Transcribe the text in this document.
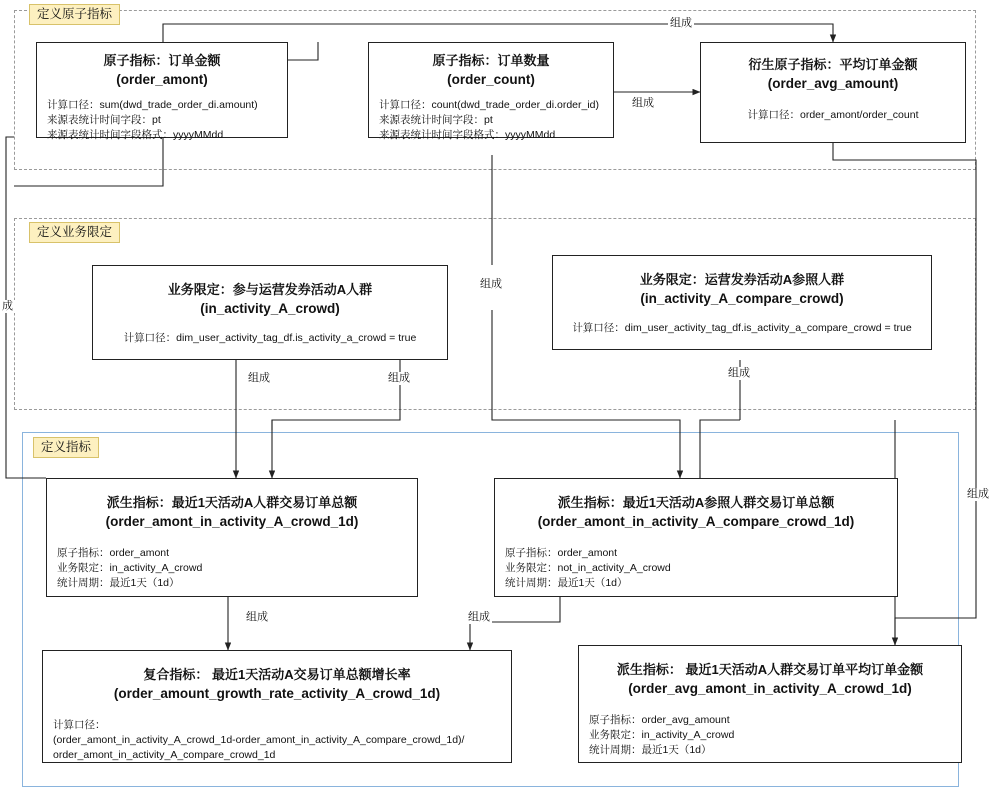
定义原子指标
定义业务限定
定义指标
原子指标：订单金额
(order_amont)
计算口径：sum(dwd_trade_order_di.amount)
来源表统计时间字段：pt
来源表统计时间字段格式：yyyyMMdd
原子指标：订单数量
(order_count)
计算口径：count(dwd_trade_order_di.order_id)
来源表统计时间字段：pt
来源表统计时间字段格式：yyyyMMdd
衍生原子指标：平均订单金额
(order_avg_amount)
计算口径：order_amont/order_count
业务限定：参与运营发券活动A人群
(in_activity_A_crowd)
计算口径：dim_user_activity_tag_df.is_activity_a_crowd = true
业务限定：运营发券活动A参照人群
(in_activity_A_compare_crowd)
计算口径：dim_user_activity_tag_df.is_activity_a_compare_crowd = true
派生指标：最近1天活动A人群交易订单总额
(order_amont_in_activity_A_crowd_1d)
原子指标：order_amont
业务限定：in_activity_A_crowd
统计周期：最近1天（1d）
派生指标：最近1天活动A参照人群交易订单总额
(order_amont_in_activity_A_compare_crowd_1d)
原子指标：order_amont
业务限定：not_in_activity_A_crowd
统计周期：最近1天（1d）
复合指标： 最近1天活动A交易订单总额增长率
(order_amount_growth_rate_activity_A_crowd_1d)
计算口径：
(order_amont_in_activity_A_crowd_1d-order_amont_in_activity_A_compare_crowd_1d)/
order_amont_in_activity_A_compare_crowd_1d
派生指标： 最近1天活动A人群交易订单平均订单金额
(order_avg_amont_in_activity_A_crowd_1d)
原子指标：order_avg_amount
业务限定：in_activity_A_crowd
统计周期：最近1天（1d）
组成
组成
成
组成
组成	组成	组成
组成	组成
组成
